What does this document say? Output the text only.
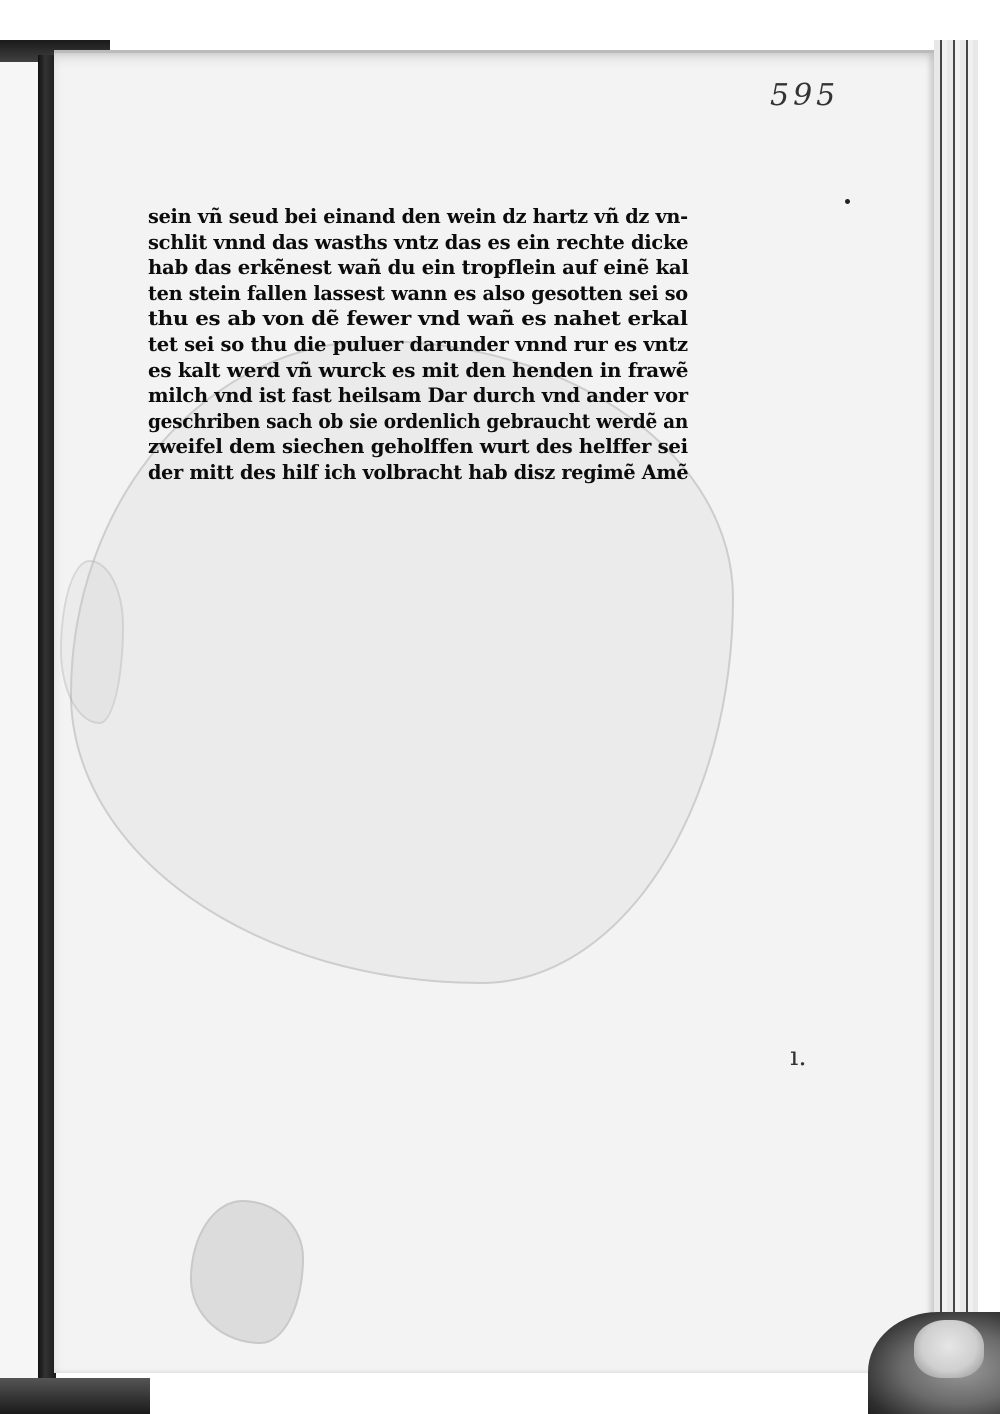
595
sein vñ seud bei einand den wein dz hartz vñ dz vn-
schlit vnnd das wasths vntz das es ein rechte dicke
hab das erkẽnest wañ du ein tropflein auf einẽ kal
ten stein fallen lassest wann es also gesotten sei so
thu es ab von dẽ fewer vnd wañ es nahet erkal
tet sei so thu die puluer darunder vnnd rur es vntz
es kalt werd vñ wurck es mit den henden in frawẽ
milch vnd ist fast heilsam Dar durch vnd ander vor
geschriben sach ob sie ordenlich gebraucht werdẽ an
zweifel dem siechen geholffen wurt des helffer sei
der mitt des hilf ich volbracht hab disz regimẽ Amẽ
ı.
